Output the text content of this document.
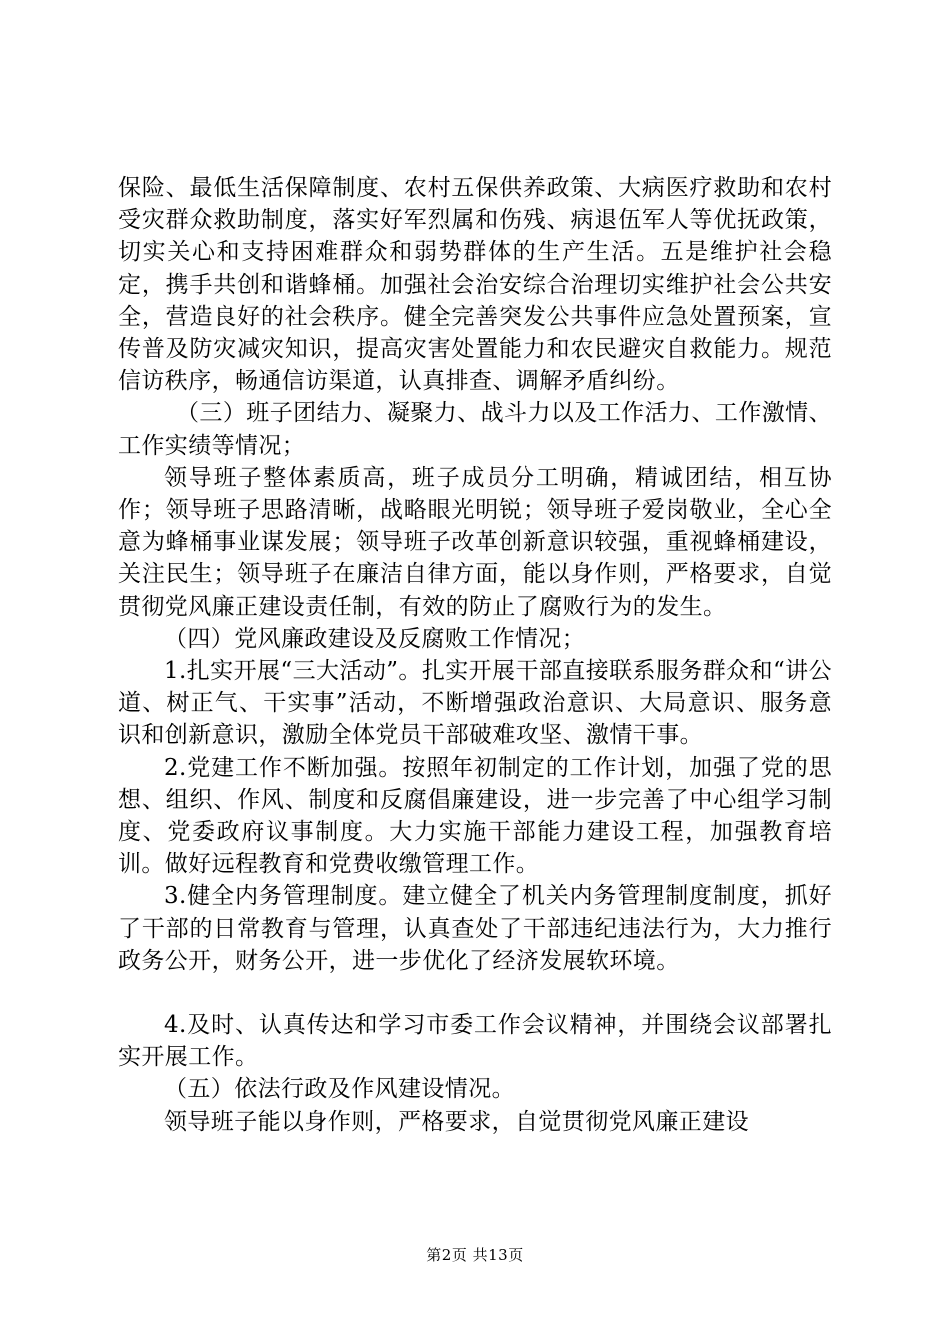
保险、最低生活保障制度、农村五保供养政策、大病医疗救助和农村受灾群众救助制度，落实好军烈属和伤残、病退伍军人等优抚政策，切实关心和支持困难群众和弱势群体的生产生活。五是维护社会稳定，携手共创和谐蜂桶。加强社会治安综合治理切实维护社会公共安全，营造良好的社会秩序。健全完善突发公共事件应急处置预案，宣传普及防灾减灾知识，提高灾害处置能力和农民避灾自救能力。规范信访秩序，畅通信访渠道，认真排查、调解矛盾纠纷。

（三）班子团结力、凝聚力、战斗力以及工作活力、工作激情、工作实绩等情况；

领导班子整体素质高，班子成员分工明确，精诚团结，相互协作；领导班子思路清晰，战略眼光明锐；领导班子爱岗敬业，全心全意为蜂桶事业谋发展；领导班子改革创新意识较强，重视蜂桶建设，关注民生；领导班子在廉洁自律方面，能以身作则，严格要求，自觉贯彻党风廉正建设责任制，有效的防止了腐败行为的发生。

（四）党风廉政建设及反腐败工作情况；

1.扎实开展“三大活动”。扎实开展干部直接联系服务群众和“讲公道、树正气、干实事”活动，不断增强政治意识、大局意识、服务意识和创新意识，激励全体党员干部破难攻坚、激情干事。

2.党建工作不断加强。按照年初制定的工作计划，加强了党的思想、组织、作风、制度和反腐倡廉建设，进一步完善了中心组学习制度、党委政府议事制度。大力实施干部能力建设工程，加强教育培训。做好远程教育和党费收缴管理工作。

3.健全内务管理制度。建立健全了机关内务管理制度制度，抓好了干部的日常教育与管理，认真查处了干部违纪违法行为，大力推行政务公开，财务公开，进一步优化了经济发展软环境。

4.及时、认真传达和学习市委工作会议精神，并围绕会议部署扎实开展工作。

（五）依法行政及作风建设情况。

领导班子能以身作则，严格要求，自觉贯彻党风廉正建设

第2页 共13页
